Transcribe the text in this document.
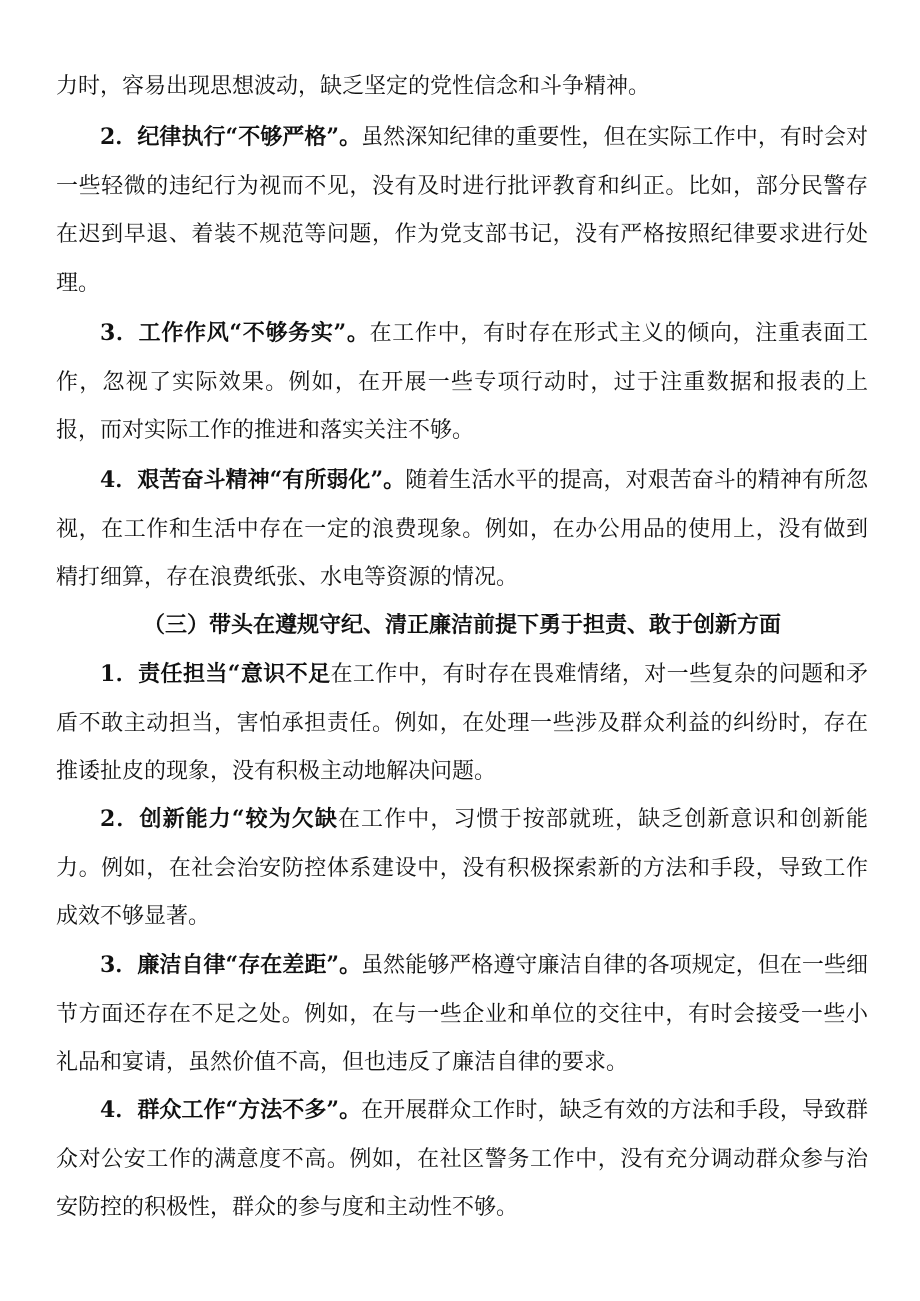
力时，容易出现思想波动，缺乏坚定的党性信念和斗争精神。

2．纪律执行“不够严格”。虽然深知纪律的重要性，但在实际工作中，有时会对一些轻微的违纪行为视而不见，没有及时进行批评教育和纠正。比如，部分民警存在迟到早退、着装不规范等问题，作为党支部书记，没有严格按照纪律要求进行处理。

3．工作作风“不够务实”。在工作中，有时存在形式主义的倾向，注重表面工作，忽视了实际效果。例如，在开展一些专项行动时，过于注重数据和报表的上报，而对实际工作的推进和落实关注不够。

4．艰苦奋斗精神“有所弱化”。随着生活水平的提高，对艰苦奋斗的精神有所忽视，在工作和生活中存在一定的浪费现象。例如，在办公用品的使用上，没有做到精打细算，存在浪费纸张、水电等资源的情况。

（三）带头在遵规守纪、清正廉洁前提下勇于担责、敢于创新方面

1．责任担当“意识不足在工作中，有时存在畏难情绪，对一些复杂的问题和矛盾不敢主动担当，害怕承担责任。例如，在处理一些涉及群众利益的纠纷时，存在推诿扯皮的现象，没有积极主动地解决问题。

2．创新能力“较为欠缺在工作中，习惯于按部就班，缺乏创新意识和创新能力。例如，在社会治安防控体系建设中，没有积极探索新的方法和手段，导致工作成效不够显著。

3．廉洁自律“存在差距”。虽然能够严格遵守廉洁自律的各项规定，但在一些细节方面还存在不足之处。例如，在与一些企业和单位的交往中，有时会接受一些小礼品和宴请，虽然价值不高，但也违反了廉洁自律的要求。

4．群众工作“方法不多”。在开展群众工作时，缺乏有效的方法和手段，导致群众对公安工作的满意度不高。例如，在社区警务工作中，没有充分调动群众参与治安防控的积极性，群众的参与度和主动性不够。
